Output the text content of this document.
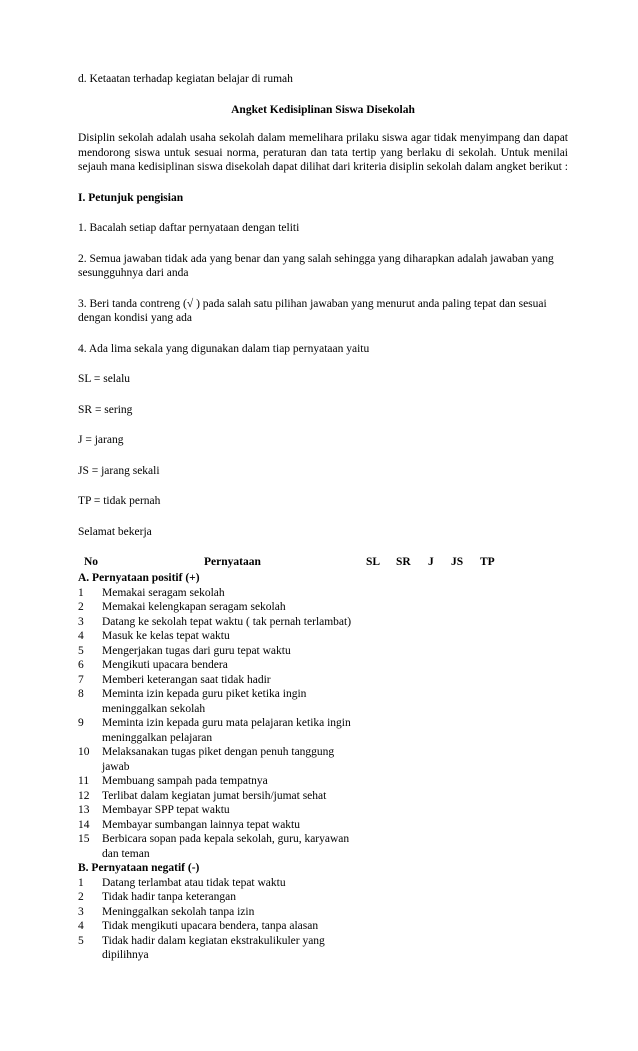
d. Ketaatan terhadap kegiatan belajar di rumah

Angket Kedisiplinan Siswa Disekolah

Disiplin sekolah adalah usaha sekolah dalam memelihara prilaku siswa agar tidak menyimpang dan dapat mendorong siswa untuk sesuai norma, peraturan dan tata tertip yang berlaku di sekolah. Untuk menilai sejauh mana kedisiplinan siswa disekolah dapat dilihat dari kriteria disiplin sekolah dalam angket berikut :

I. Petunjuk pengisian

1. Bacalah setiap daftar pernyataan dengan teliti

2. Semua jawaban tidak ada yang benar dan yang salah sehingga yang diharapkan adalah jawaban yang sesungguhnya dari anda

3. Beri tanda contreng (√ ) pada salah satu pilihan jawaban yang menurut anda paling tepat dan sesuai dengan kondisi yang ada

4. Ada lima sekala yang digunakan dalam tiap pernyataan yaitu

SL = selalu

SR = sering

J = jarang

JS = jarang sekali

TP = tidak pernah

Selamat bekerja

No	Pernyataan	SL SR J JS TP

A. Pernyataan positif (+)

1	Memakai seragam sekolah
2	Memakai kelengkapan seragam sekolah
3	Datang ke sekolah tepat waktu ( tak pernah terlambat)
4	Masuk ke kelas tepat waktu
5	Mengerjakan tugas dari guru tepat waktu
6	Mengikuti upacara bendera
7	Memberi keterangan saat tidak hadir
8	Meminta izin kepada guru piket ketika ingin meninggalkan sekolah
9	Meminta izin kepada guru mata pelajaran ketika ingin meninggalkan pelajaran
10	Melaksanakan tugas piket dengan penuh tanggung jawab
11	Membuang sampah pada tempatnya
12	Terlibat dalam kegiatan jumat bersih/jumat sehat
13	Membayar SPP tepat waktu
14	Membayar sumbangan lainnya tepat waktu
15	Berbicara sopan pada kepala sekolah, guru, karyawan dan teman

B. Pernyataan negatif (-)

1	Datang terlambat atau tidak tepat waktu
2	Tidak hadir tanpa keterangan
3	Meninggalkan sekolah tanpa izin
4	Tidak mengikuti upacara bendera, tanpa alasan
5	Tidak hadir dalam kegiatan ekstrakulikuler yang dipilihnya
